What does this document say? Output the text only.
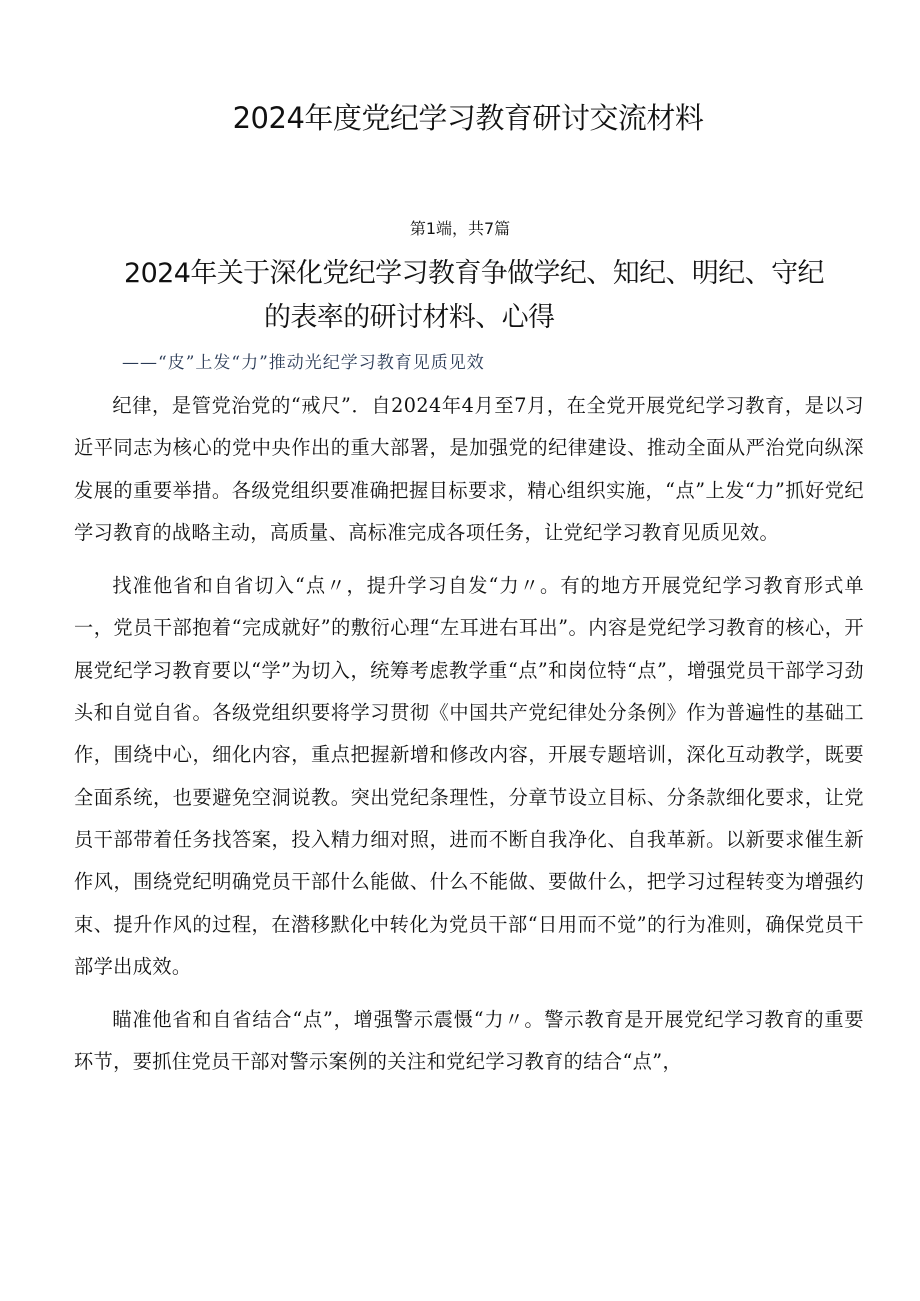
2024年度党纪学习教育研讨交流材料
第1端，共7篇
2024年关于深化党纪学习教育争做学纪、知纪、明纪、守纪
的表率的研讨材料、心得
——“皮”上发“力”推动光纪学习教育见质见效

纪律，是管党治党的“戒尺”．自2024年4月至7月，在全党开展党纪学习教育，是以习近平同志为核心的党中央作出的重大部署，是加强党的纪律建设、推动全面从严治党向纵深发展的重要举措。各级党组织要准确把握目标要求，精心组织实施，“点”上发“力”抓好党纪学习教育的战略主动，高质量、高标准完成各项任务，让党纪学习教育见质见效。

找准他省和自省切入“点〃，提升学习自发“力〃。有的地方开展党纪学习教育形式单一，党员干部抱着“完成就好”的敷衍心理“左耳进右耳出”。内容是党纪学习教育的核心，开展党纪学习教育要以“学”为切入，统筹考虑教学重“点”和岗位特“点”，增强党员干部学习劲头和自觉自省。各级党组织要将学习贯彻《中国共产党纪律处分条例》作为普遍性的基础工作，围绕中心，细化内容，重点把握新增和修改内容，开展专题培训，深化互动教学，既要全面系统，也要避免空洞说教。突出党纪条理性，分章节设立目标、分条款细化要求，让党员干部带着任务找答案，投入精力细对照，进而不断自我净化、自我革新。以新要求催生新作风，围绕党纪明确党员干部什么能做、什么不能做、要做什么，把学习过程转变为增强约束、提升作风的过程，在潜移默化中转化为党员干部“日用而不觉”的行为准则，确保党员干部学出成效。

瞄准他省和自省结合“点”，增强警示震慑“力〃。警示教育是开展党纪学习教育的重要环节，要抓住党员干部对警示案例的关注和党纪学习教育的结合“点”，
